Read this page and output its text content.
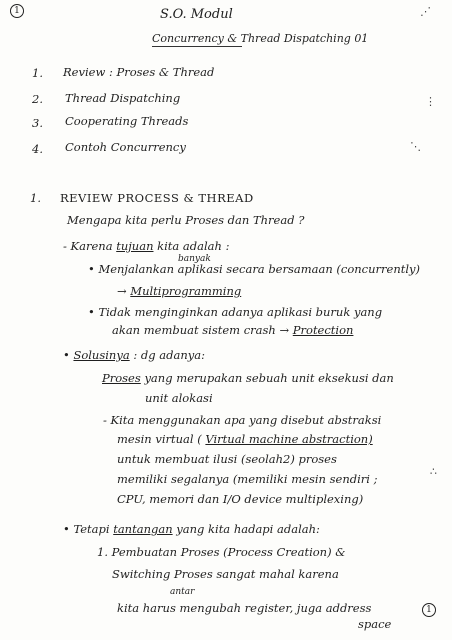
1	S.O. Modul
Concurrency & Thread Dispatching 01
1. Review : Proses & Thread
2. Thread Dispatching
3. Cooperating Threads
4. Contoh Concurrency
⋰
⋮
⋱
∴
1. REVIEW PROCESS & THREAD
Mengapa kita perlu Proses dan Thread ?
- Karena tujuan kita adalah :
banyak
• Menjalankan aplikasi secara bersamaan (concurrently)
→ Multiprogramming
• Tidak menginginkan adanya aplikasi buruk yang
akan membuat sistem crash → Protection
• Solusinya : dg adanya:
Proses yang merupakan sebuah unit eksekusi dan
unit alokasi
- Kita menggunakan apa yang disebut abstraksi
mesin virtual ( Virtual machine abstraction)
untuk membuat ilusi (seolah2) proses
memiliki segalanya (memiliki mesin sendiri ;
CPU, memori dan I/O device multiplexing)
• Tetapi tantangan yang kita hadapi adalah:
1. Pembuatan Proses (Process Creation) &
Switching Proses sangat mahal karena
antar
kita harus mengubah register, juga address
space
1
